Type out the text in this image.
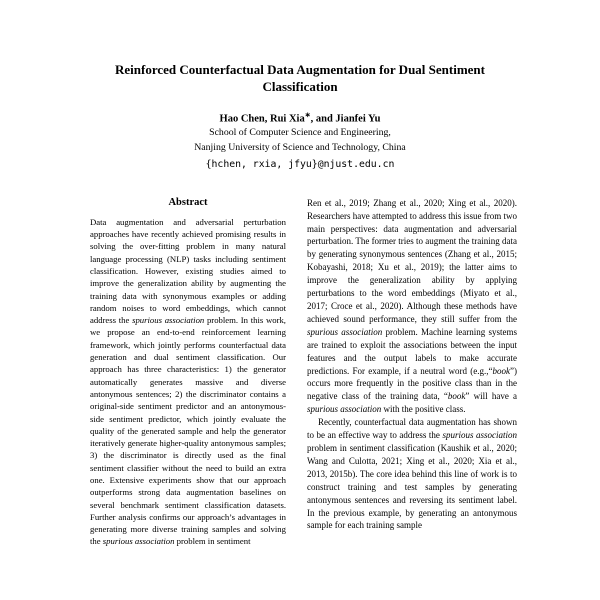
Reinforced Counterfactual Data Augmentation for Dual Sentiment Classification
Hao Chen, Rui Xia∗, and Jianfei Yu
School of Computer Science and Engineering,
Nanjing University of Science and Technology, China
{hchen, rxia, jfyu}@njust.edu.cn
Abstract

Data augmentation and adversarial perturbation approaches have recently achieved promising results in solving the over-fitting problem in many natural language processing (NLP) tasks including sentiment classification. However, existing studies aimed to improve the generalization ability by augmenting the training data with synonymous examples or adding random noises to word embeddings, which cannot address the spurious association problem. In this work, we propose an end-to-end reinforcement learning framework, which jointly performs counterfactual data generation and dual sentiment classification. Our approach has three characteristics: 1) the generator automatically generates massive and diverse antonymous sentences; 2) the discriminator contains a original-side sentiment predictor and an antonymous-side sentiment predictor, which jointly evaluate the quality of the generated sample and help the generator iteratively generate higher-quality antonymous samples; 3) the discriminator is directly used as the final sentiment classifier without the need to build an extra one. Extensive experiments show that our approach outperforms strong data augmentation baselines on several benchmark sentiment classification datasets. Further analysis confirms our approach’s advantages in generating more diverse training samples and solving the spurious association problem in sentiment

Ren et al., 2019; Zhang et al., 2020; Xing et al., 2020). Researchers have attempted to address this issue from two main perspectives: data augmentation and adversarial perturbation. The former tries to augment the training data by generating synonymous sentences (Zhang et al., 2015; Kobayashi, 2018; Xu et al., 2019); the latter aims to improve the generalization ability by applying perturbations to the word embeddings (Miyato et al., 2017; Croce et al., 2020). Although these methods have achieved sound performance, they still suffer from the spurious association problem. Machine learning systems are trained to exploit the associations between the input features and the output labels to make accurate predictions. For example, if a neutral word (e.g.,“book”) occurs more frequently in the positive class than in the negative class of the training data, “book” will have a spurious association with the positive class.

Recently, counterfactual data augmentation has shown to be an effective way to address the spurious association problem in sentiment classification (Kaushik et al., 2020; Wang and Culotta, 2021; Xing et al., 2020; Xia et al., 2013, 2015b). The core idea behind this line of work is to construct training and test samples by generating antonymous sentences and reversing its sentiment label. In the previous example, by generating an antonymous sample for each training sample
